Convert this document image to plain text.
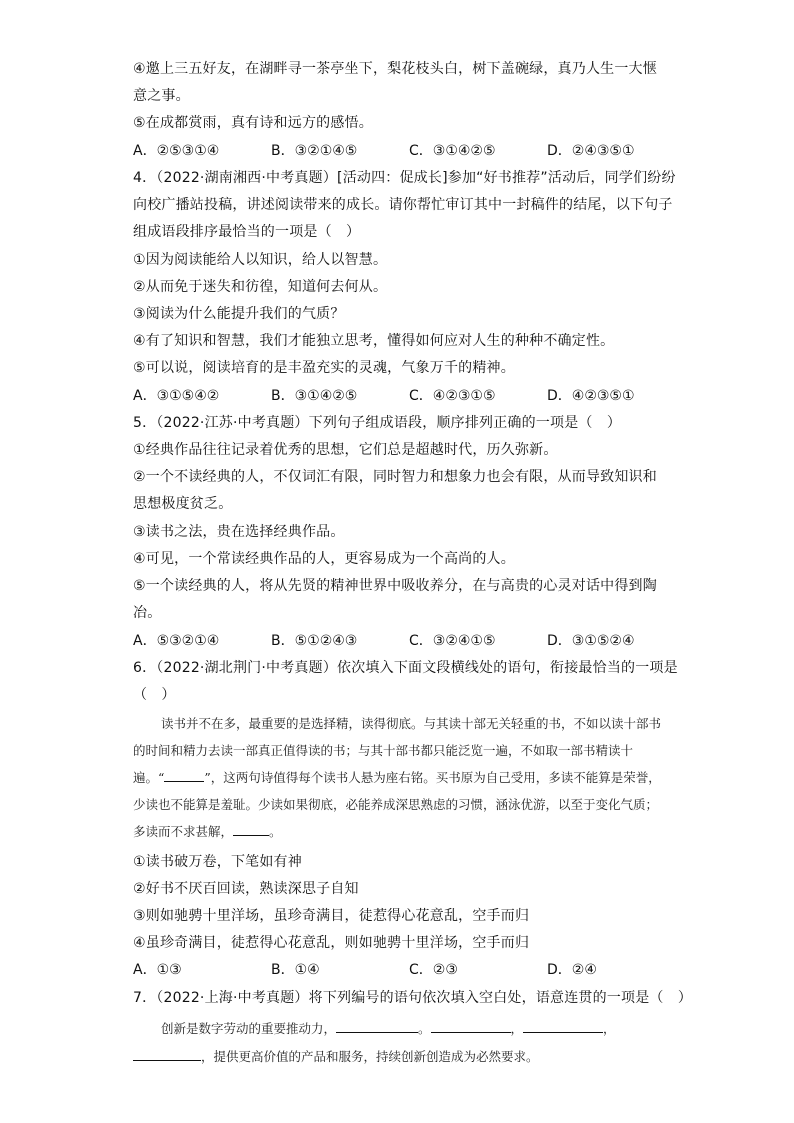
④邀上三五好友，在湖畔寻一茶亭坐下，梨花枝头白，树下盖碗绿，真乃人生一大惬
意之事。
⑤在成都赏雨，真有诗和远方的感悟。
A．②⑤③①④	B．③②①④⑤	C．③①④②⑤	D．②④③⑤①
4．（2022·湖南湘西·中考真题）[活动四：促成长]参加“好书推荐”活动后，同学们纷纷
向校广播站投稿，讲述阅读带来的成长。请你帮忙审订其中一封稿件的结尾，以下句子
组成语段排序最恰当的一项是（　）
①因为阅读能给人以知识，给人以智慧。
②从而免于迷失和彷徨，知道何去何从。
③阅读为什么能提升我们的气质？
④有了知识和智慧，我们才能独立思考，懂得如何应对人生的种种不确定性。
⑤可以说，阅读培育的是丰盈充实的灵魂，气象万千的精神。
A．③①⑤④②	B．③①④②⑤	C．④②③①⑤	D．④②③⑤①
5．（2022·江苏·中考真题）下列句子组成语段，顺序排列正确的一项是（　）
①经典作品往往记录着优秀的思想，它们总是超越时代，历久弥新。
②一个不读经典的人，不仅词汇有限，同时智力和想象力也会有限，从而导致知识和
思想极度贫乏。
③读书之法，贵在选择经典作品。
④可见，一个常读经典作品的人，更容易成为一个高尚的人。
⑤一个读经典的人，将从先贤的精神世界中吸收养分，在与高贵的心灵对话中得到陶
冶。
A．⑤③②①④	B．⑤①②④③	C．③②④①⑤	D．③①⑤②④
6．（2022·湖北荆门·中考真题）依次填入下面文段横线处的语句，衔接最恰当的一项是
（　）
读书并不在多，最重要的是选择精，读得彻底。与其读十部无关轻重的书，不如以读十部书的时间和精力去读一部真正值得读的书；与其十部书都只能泛览一遍，不如取一部书精读十遍。“	”，这两句诗值得每个读书人悬为座右铭。买书原为自己受用，多读不能算是荣誉，少读也不能算是羞耻。少读如果彻底，必能养成深思熟虑的习惯，涵泳优游，以至于变化气质；多读而不求甚解，	。
①读书破万卷，下笔如有神
②好书不厌百回读，熟读深思子自知
③则如驰骋十里洋场，虽珍奇满目，徒惹得心花意乱，空手而归
④虽珍奇满目，徒惹得心花意乱，则如驰骋十里洋场，空手而归
A．①③	B．①④	C．②③	D．②④
7．（2022·上海·中考真题）将下列编号的语句依次填入空白处，语意连贯的一项是（　）
创新是数字劳动的重要推动力，	。	，	，，提供更高价值的产品和服务，持续创新创造成为必然要求。
